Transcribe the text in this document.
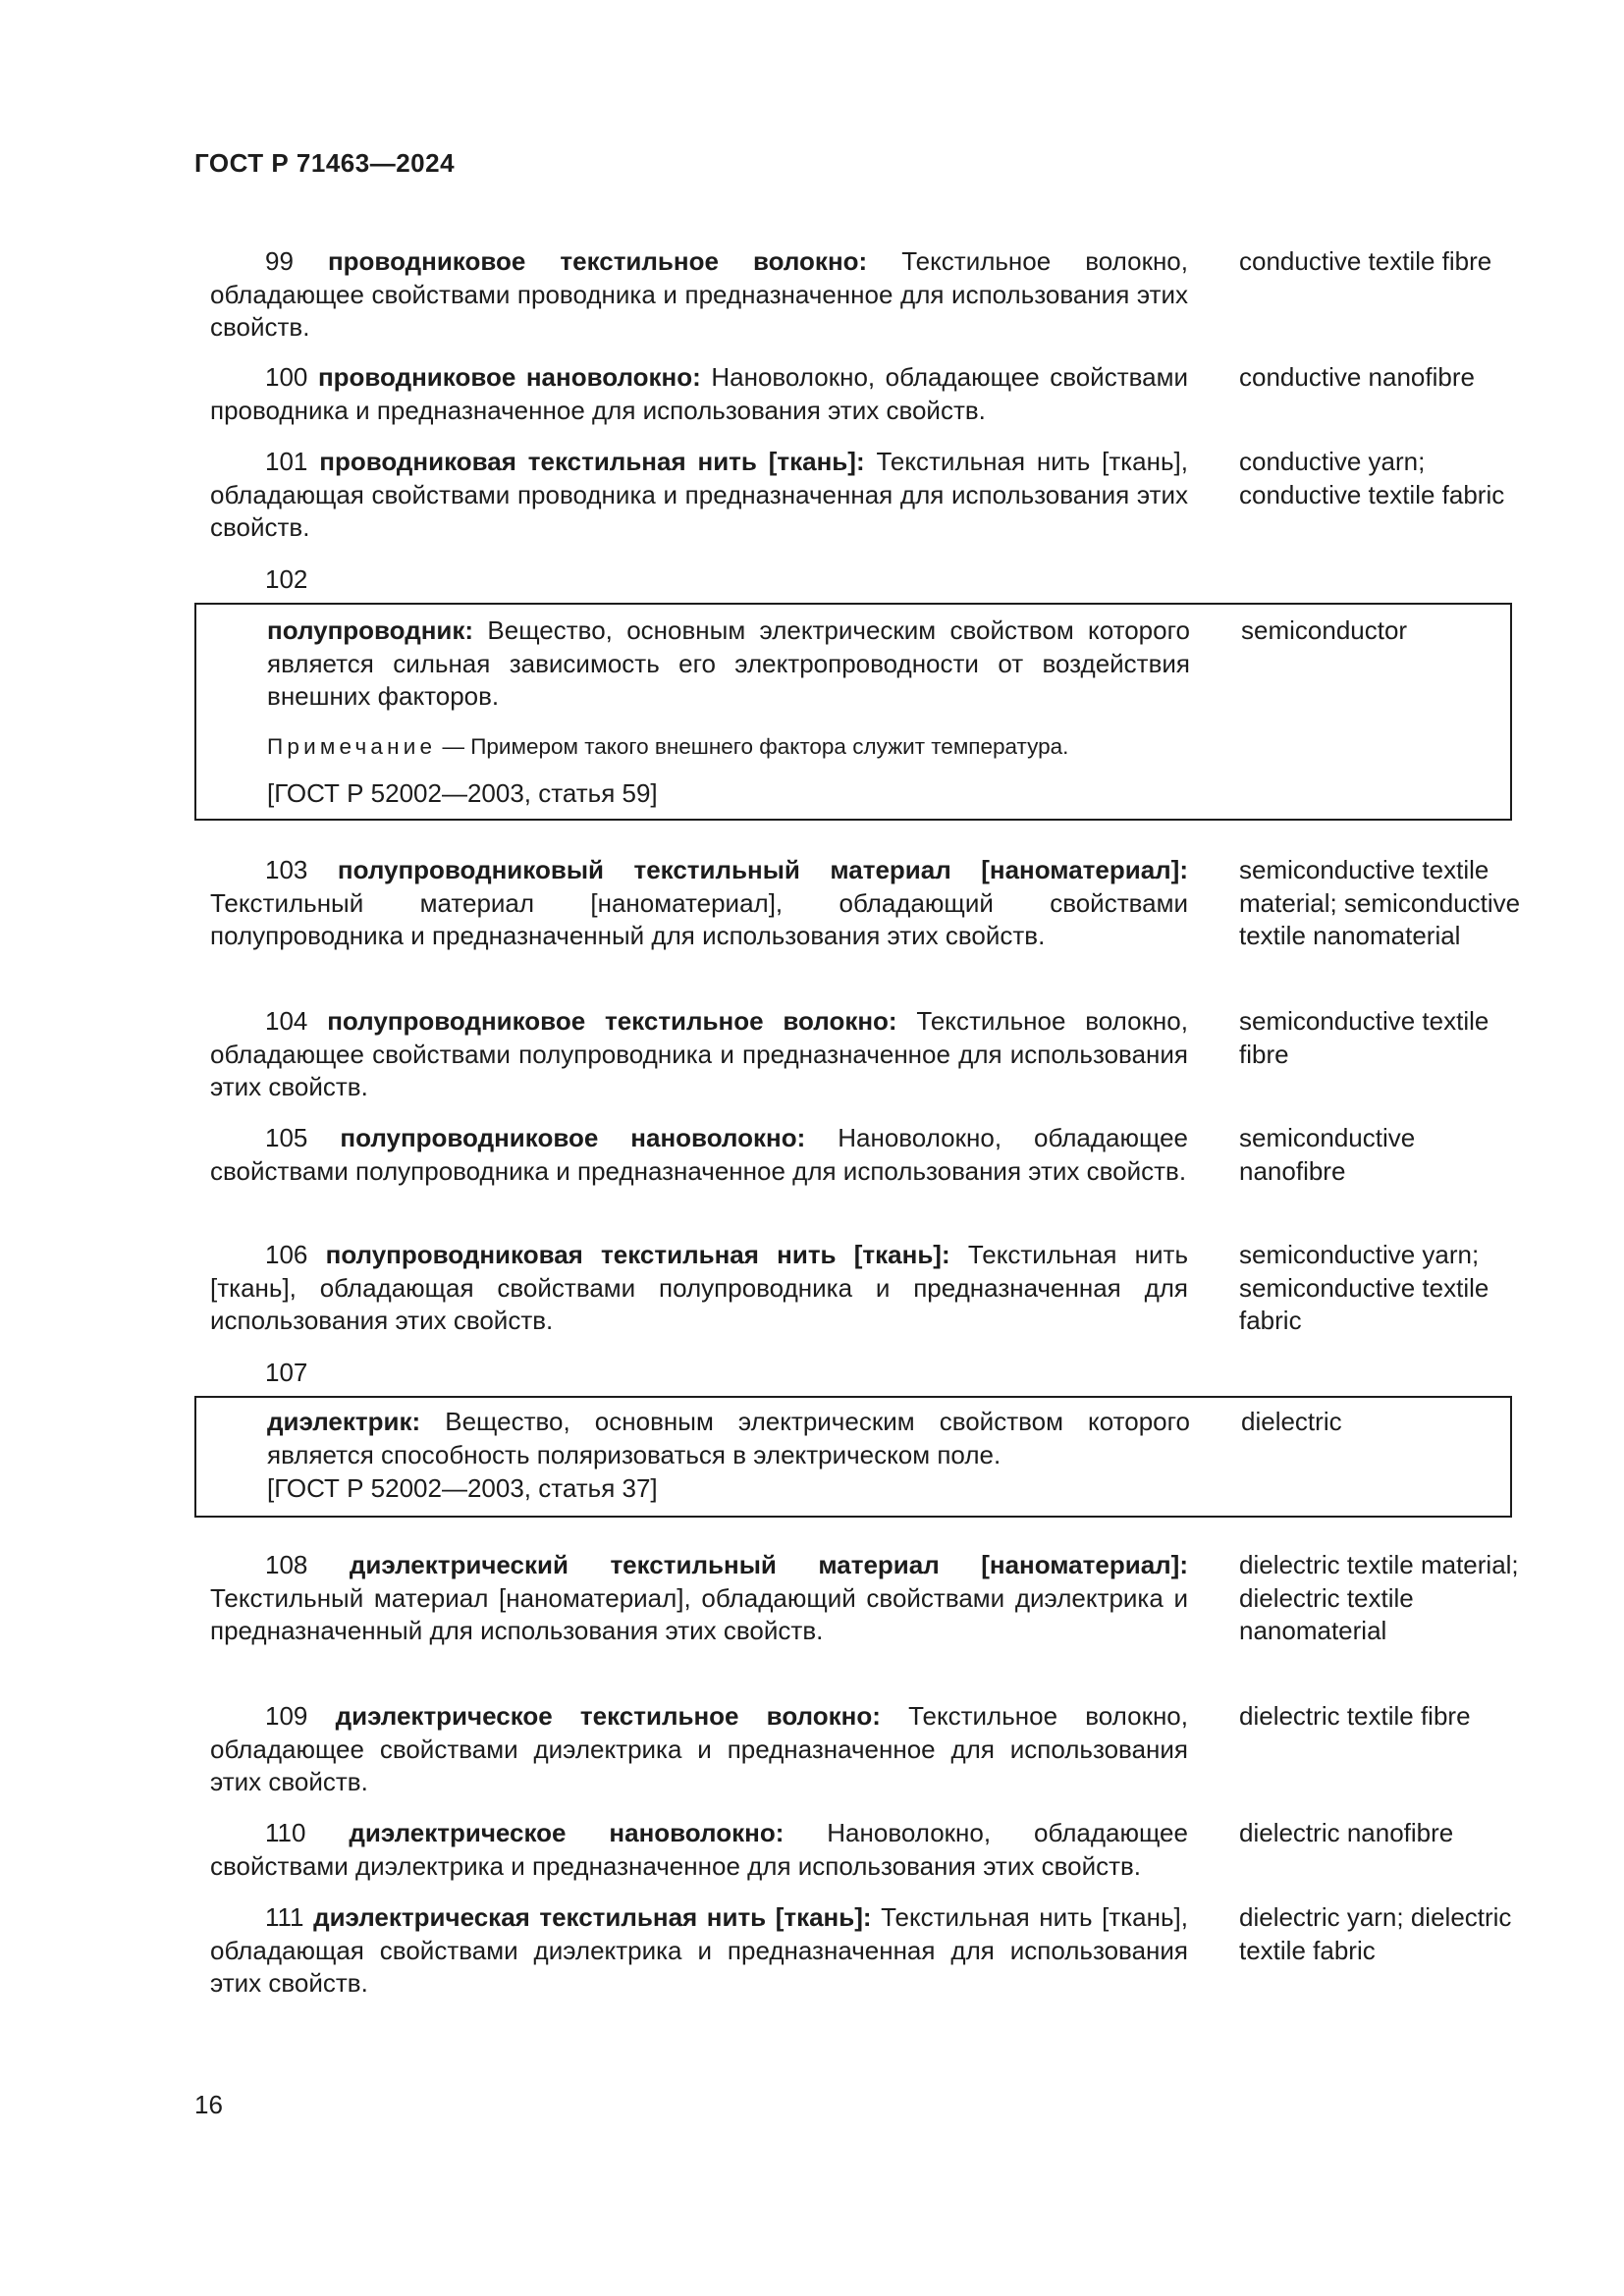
ГОСТ Р 71463—2024
99 проводниковое текстильное волокно: Текстильное волокно, обладающее свойствами проводника и предназначенное для использования этих свойств.
conductive textile fibre
100 проводниковое нановолокно: Нановолокно, обладающее свойствами проводника и предназначенное для использования этих свойств.
conductive nanofibre
101 проводниковая текстильная нить [ткань]: Текстильная нить [ткань], обладающая свойствами проводника и предназначенная для использования этих свойств.
conductive yarn; conductive textile fabric
102
полупроводник: Вещество, основным электрическим свойством которого является сильная зависимость его электропроводности от воздействия внешних факторов.
semiconductor
Примечание — Примером такого внешнего фактора служит температура.
[ГОСТ Р 52002—2003, статья 59]
103 полупроводниковый текстильный материал [наноматериал]: Текстильный материал [наноматериал], обладающий свойствами полупроводника и предназначенный для использования этих свойств.
semiconductive textile material; semiconductive textile nanomaterial
104 полупроводниковое текстильное волокно: Текстильное волокно, обладающее свойствами полупроводника и предназначенное для использования этих свойств.
semiconductive textile fibre
105 полупроводниковое нановолокно: Нановолокно, обладающее свойствами полупроводника и предназначенное для использования этих свойств.
semiconductive nanofibre
106 полупроводниковая текстильная нить [ткань]: Текстильная нить [ткань], обладающая свойствами полупроводника и предназначенная для использования этих свойств.
semiconductive yarn; semiconductive textile fabric
107
диэлектрик: Вещество, основным электрическим свойством которого является способность поляризоваться в электрическом поле.
dielectric
[ГОСТ Р 52002—2003, статья 37]
108 диэлектрический текстильный материал [наноматериал]: Текстильный материал [наноматериал], обладающий свойствами диэлектрика и предназначенный для использования этих свойств.
dielectric textile material; dielectric textile nanomaterial
109 диэлектрическое текстильное волокно: Текстильное волокно, обладающее свойствами диэлектрика и предназначенное для использования этих свойств.
dielectric textile fibre
110 диэлектрическое нановолокно: Нановолокно, обладающее свойствами диэлектрика и предназначенное для использования этих свойств.
dielectric nanofibre
111 диэлектрическая текстильная нить [ткань]: Текстильная нить [ткань], обладающая свойствами диэлектрика и предназначенная для использования этих свойств.
dielectric yarn; dielectric textile fabric
16
